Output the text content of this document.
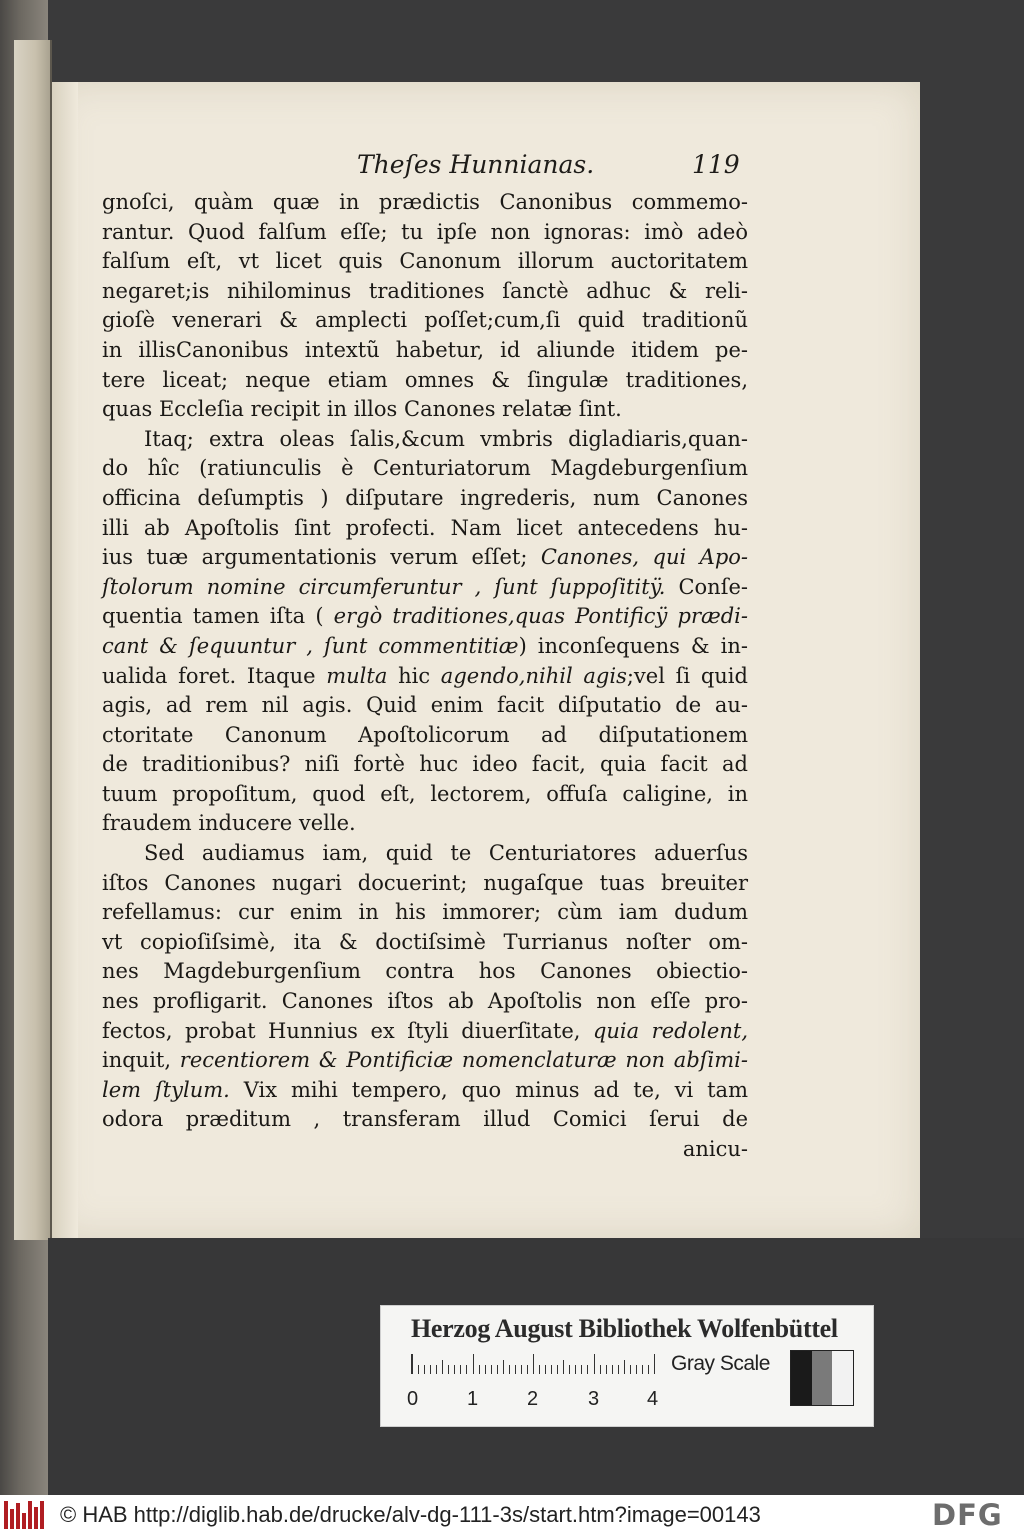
Theſes Hunnianas.	119
gnoſci, quàm quæ in prædictis Canonibus commemo-
rantur. Quod falſum eſſe; tu ipſe non ignoras: imò adeò
falſum eſt, vt licet quis Canonum illorum auctoritatem
negaret;is nihilominus traditiones ſanctè adhuc & reli-
gioſè venerari & amplecti poſſet;cum,ſi quid traditionũ
in illisCanonibus intextũ habetur, id aliunde itidem pe-
tere liceat; neque etiam omnes & ſingulæ traditiones,
quas Eccleſia recipit in illos Canones relatæ ſint.
Itaq; extra oleas ſalis,&cum vmbris digladiaris,quan-
do hîc (ratiunculis è Centuriatorum Magdeburgenſium
officina deſumptis ) diſputare ingrederis, num Canones
illi ab Apoſtolis ſint profecti. Nam licet antecedens hu-
ius tuæ argumentationis verum eſſet; Canones, qui Apo-
ſtolorum nomine circumferuntur , ſunt ſuppoſititÿ. Conſe-
quentia tamen iſta ( ergò traditiones,quas Pontificÿ prædi-
cant & ſequuntur , ſunt commentitiæ) inconſequens & in-
ualida foret. Itaque multa hic agendo,nihil agis;vel ſi quid
agis, ad rem nil agis. Quid enim facit diſputatio de au-
ctoritate Canonum Apoſtolicorum ad diſputationem
de traditionibus? niſi fortè huc ideo facit, quia facit ad
tuum propoſitum, quod eſt, lectorem, offuſa caligine, in
fraudem inducere velle.
Sed audiamus iam, quid te Centuriatores aduerſus
iſtos Canones nugari docuerint; nugaſque tuas breuiter
refellamus: cur enim in his immorer; cùm iam dudum
vt copioſiſsimè, ita & doctiſsimè Turrianus noſter om-
nes Magdeburgenſium contra hos Canones obiectio-
nes profligarit. Canones iſtos ab Apoſtolis non eſſe pro-
fectos, probat Hunnius ex ſtyli diuerſitate, quia redolent,
inquit, recentiorem & Pontificiæ nomenclaturæ non abſimi-
lem ſtylum. Vix mihi tempero, quo minus ad te, vi tam
odora præditum , transferam illud Comici ſerui de
anicu-
Herzog August Bibliothek Wolfenbüttel
0 1 2 3 4
Gray Scale
© HAB http://diglib.hab.de/drucke/alv-dg-111-3s/start.htm?image=00143	DFG
